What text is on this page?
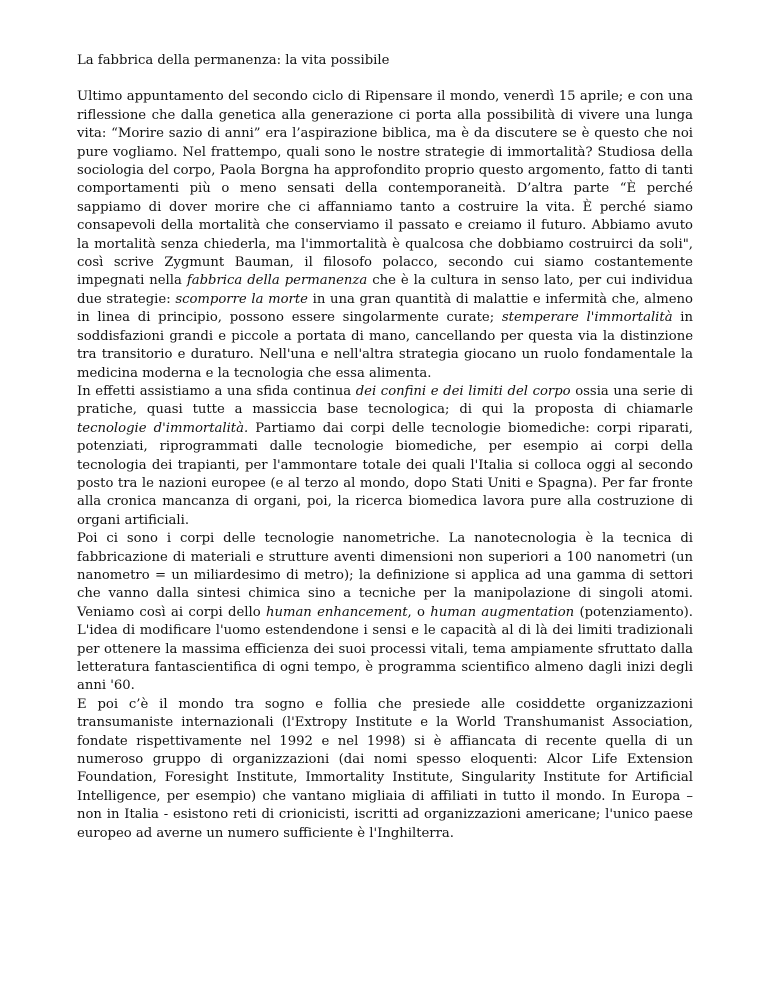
La fabbrica della permanenza: la vita possibile

Ultimo appuntamento del secondo ciclo di Ripensare il mondo, venerdì 15 aprile; e con una riflessione che dalla genetica alla generazione ci porta alla possibilità di vivere una lunga vita: “Morire sazio di anni” era l’aspirazione biblica, ma è da discutere se è questo che noi pure vogliamo. Nel frattempo, quali sono le nostre strategie di immortalità? Studiosa della sociologia del corpo, Paola Borgna ha approfondito proprio questo argomento, fatto di tanti comportamenti più o meno sensati della contemporaneità. D’altra parte “È perché sappiamo di dover morire che ci affanniamo tanto a costruire la vita. È perché siamo consapevoli della mortalità che conserviamo il passato e creiamo il futuro. Abbiamo avuto la mortalità senza chiederla, ma l'immortalità è qualcosa che dobbiamo costruirci da soli", così scrive Zygmunt Bauman, il filosofo polacco, secondo cui siamo costantemente impegnati nella fabbrica della permanenza che è la cultura in senso lato, per cui individua due strategie: scomporre la morte in una gran quantità di malattie e infermità che, almeno in linea di principio, possono essere singolarmente curate; stemperare l'immortalità in soddisfazioni grandi e piccole a portata di mano, cancellando per questa via la distinzione tra transitorio e duraturo. Nell'una e nell'altra strategia giocano un ruolo fondamentale la medicina moderna e la tecnologia che essa alimenta.

In effetti assistiamo a una sfida continua dei confini e dei limiti del corpo ossia una serie di pratiche, quasi tutte a massiccia base tecnologica; di qui la proposta di chiamarle tecnologie d'immortalità. Partiamo dai corpi delle tecnologie biomediche: corpi riparati, potenziati, riprogrammati dalle tecnologie biomediche, per esempio ai corpi della tecnologia dei trapianti, per l'ammontare totale dei quali l'Italia si colloca oggi al secondo posto tra le nazioni europee (e al terzo al mondo, dopo Stati Uniti e Spagna). Per far fronte alla cronica mancanza di organi, poi, la ricerca biomedica lavora pure alla costruzione di organi artificiali.

Poi ci sono i corpi delle tecnologie nanometriche. La nanotecnologia è la tecnica di fabbricazione di materiali e strutture aventi dimensioni non superiori a 100 nanometri (un nanometro = un miliardesimo di metro); la definizione si applica ad una gamma di settori che vanno dalla sintesi chimica sino a tecniche per la manipolazione di singoli atomi. Veniamo così ai corpi dello human enhancement, o human augmentation (potenziamento). L'idea di modificare l'uomo estendendone i sensi e le capacità al di là dei limiti tradizionali per ottenere la massima efficienza dei suoi processi vitali, tema ampiamente sfruttato dalla letteratura fantascientifica di ogni tempo, è programma scientifico almeno dagli inizi degli anni '60.

E poi c’è il mondo tra sogno e follia che presiede alle cosiddette organizzazioni transumaniste internazionali (l'Extropy Institute e la World Transhumanist Association, fondate rispettivamente nel 1992 e nel 1998) si è affiancata di recente quella di un numeroso gruppo di organizzazioni (dai nomi spesso eloquenti: Alcor Life Extension Foundation, Foresight Institute, Immortality Institute, Singularity Institute for Artificial Intelligence, per esempio) che vantano migliaia di affiliati in tutto il mondo. In Europa – non in Italia - esistono reti di crionicisti, iscritti ad organizzazioni americane; l'unico paese europeo ad averne un numero sufficiente è l'Inghilterra.
